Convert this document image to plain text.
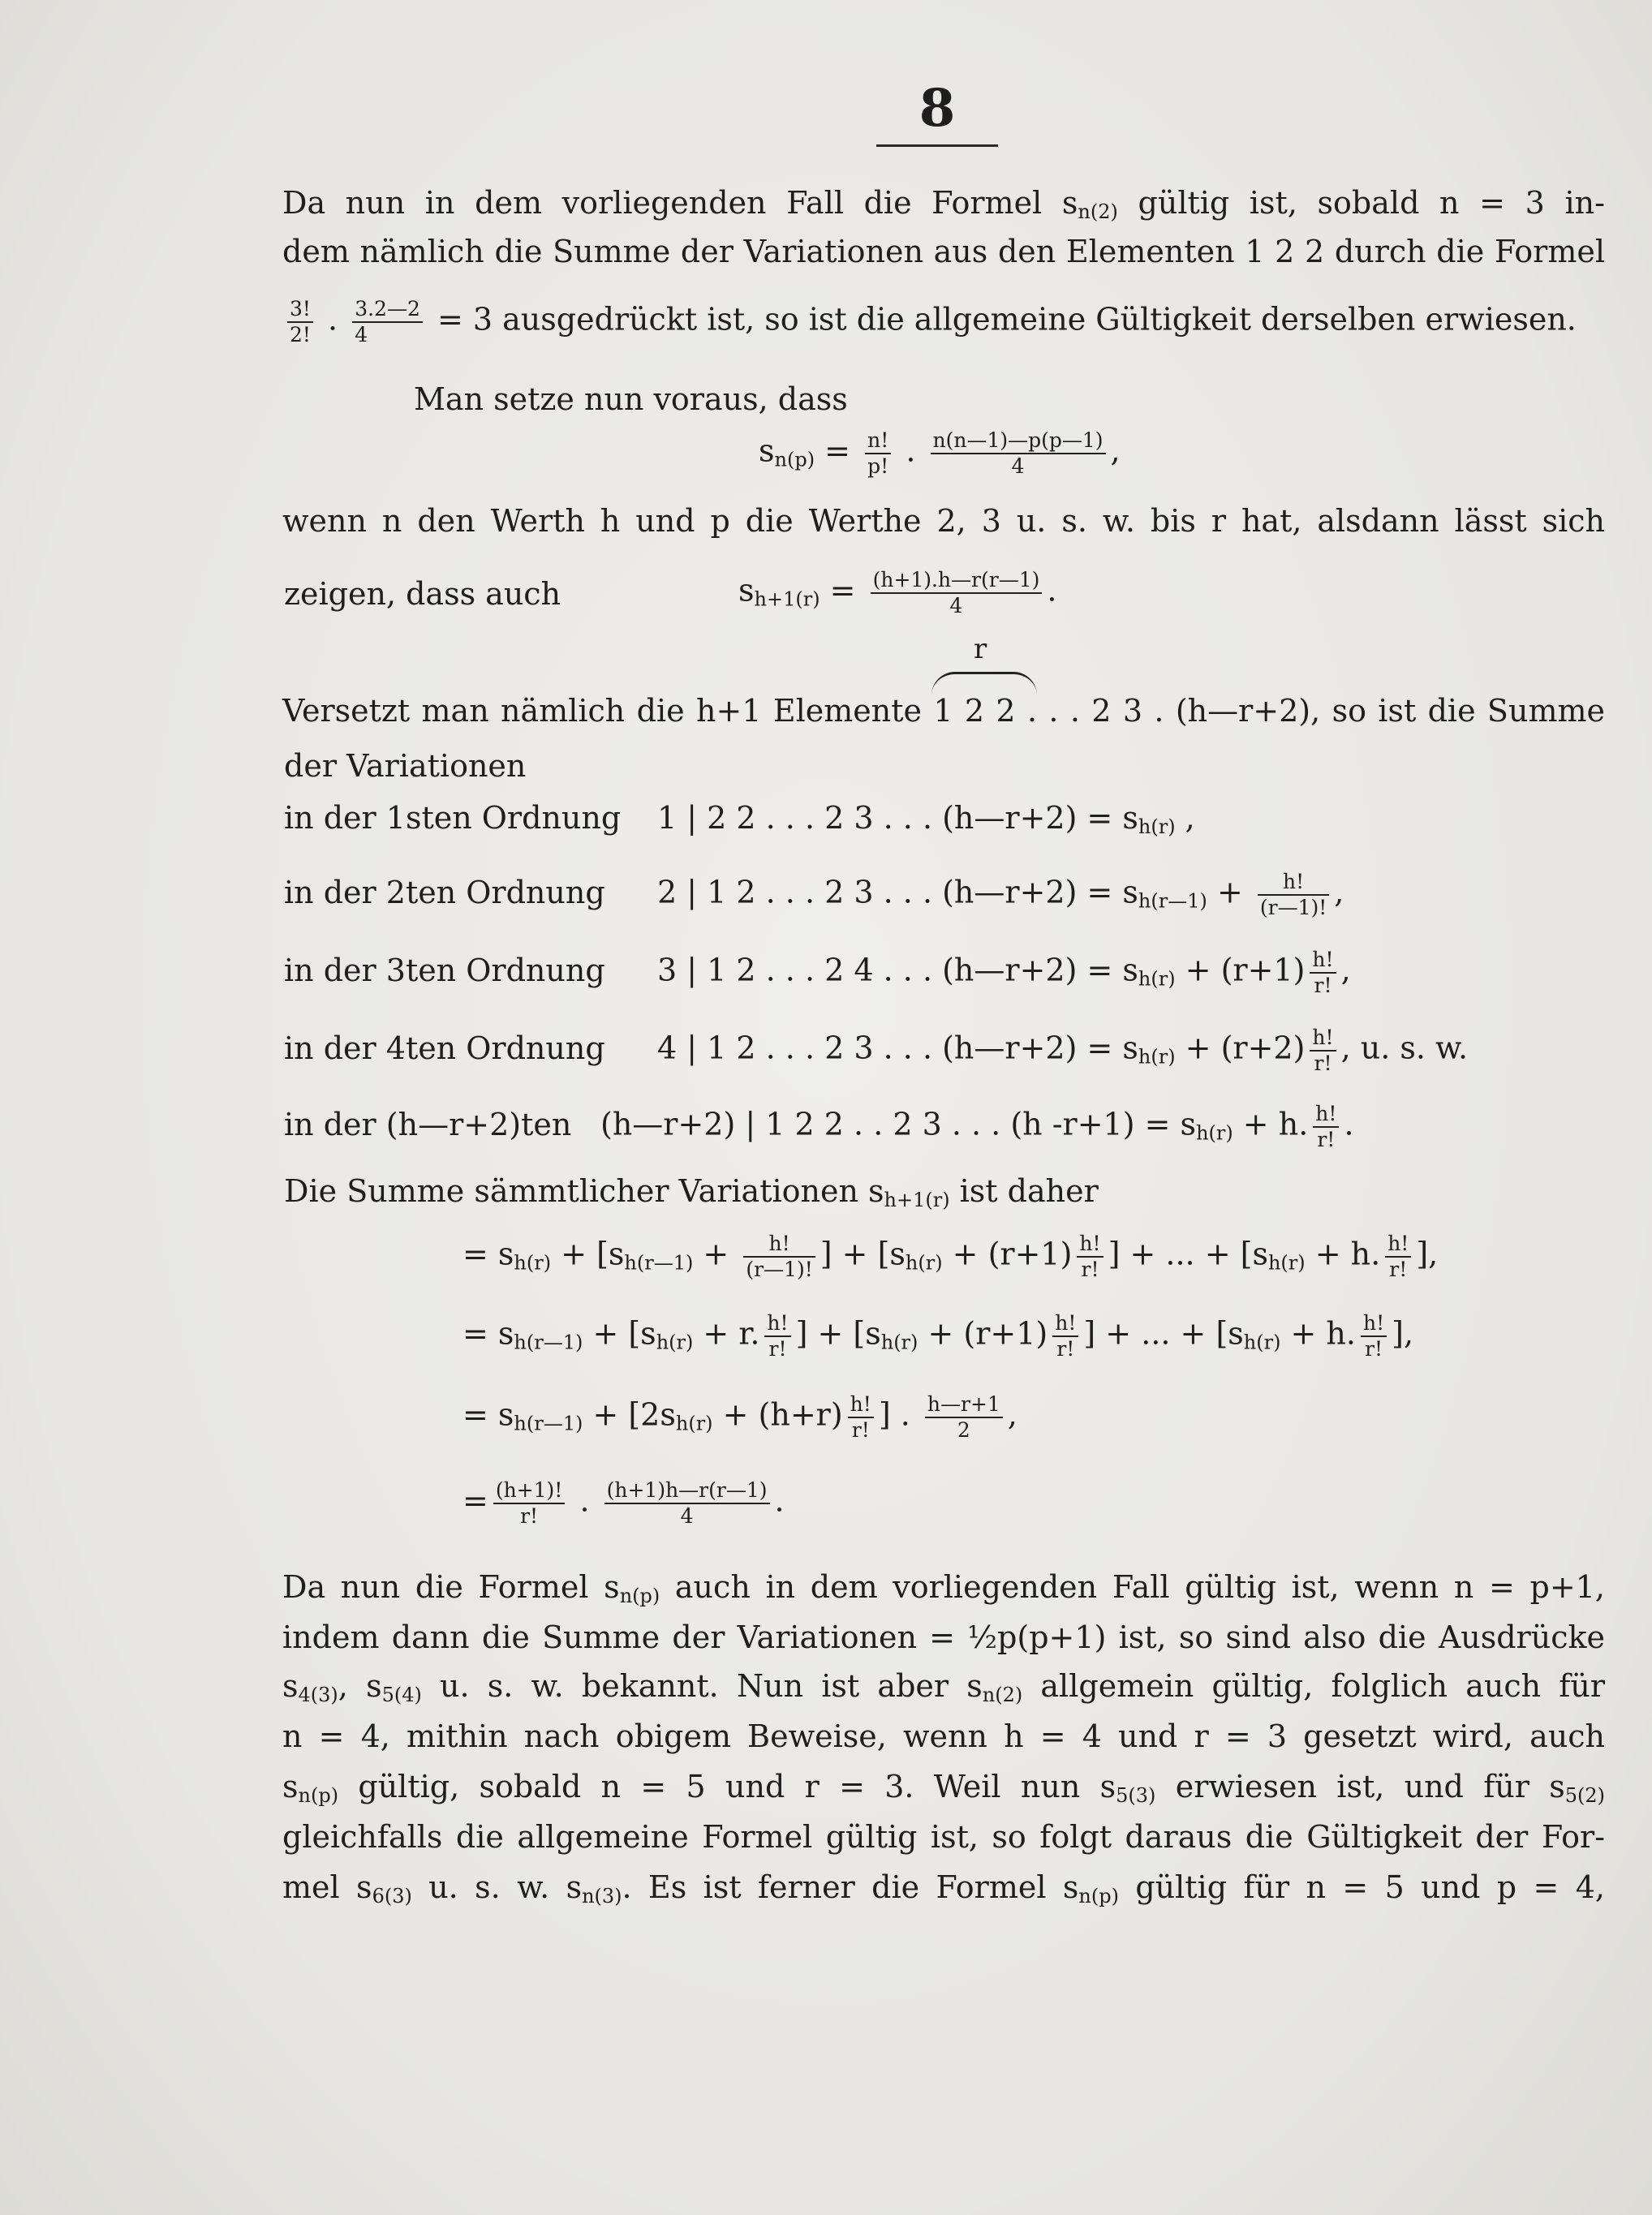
8
Da nun in dem vorliegenden Fall die Formel $s_{n(2)}$ gültig ist, sobald n = 3 in-
dem nämlich die Summe der Variationen aus den Elementen 1 2 2 durch die Formel
$\frac{3!}{2!}$ . $\frac{3.2—2}{4} = 3$ ausgedrückt ist, so ist die allgemeine Gültigkeit derselben erwiesen.
Man setze nun voraus, dass
$s_{n(p)} = \frac{n!}{p!}$ . $\frac{n(n—1)—p(p—1)}{4}$ ,
wenn n den Werth h und p die Werthe 2, 3 u. s. w. bis r hat, alsdann lässt sich
zeigen, dass auch	$s_{h+1(r)} = \frac{(h+1).h—r(r—1)}{4}$ .
r
Versetzt man nämlich die h+1 Elemente 1 2 2 . . . 2 3 . (h—r+2), so ist die Summe
der Variationen
in der 1sten Ordnung 1 | 2 2 . . . 2 3 . . . (h—r+2) = $s_{h(r)}$ ,
in der 2ten Ordnung 2 | 1 2 . . . 2 3 . . . (h—r+2) = $s_{h(r—1)} + \frac{h!}{(r—1)!}$ ,
in der 3ten Ordnung 3 | 1 2 . . . 2 4 . . . (h—r+2) = $s_{h(r)} + (r+1) \frac{h!}{r!}$ ,
in der 4ten Ordnung 4 | 1 2 . . . 2 3 . . . (h—r+2) = $s_{h(r)} + (r+2) \frac{h!}{r!}$ , u. s. w.
in der (h—r+2)ten (h—r+2) | 1 2 2 . . 2 3 . . . (h $-r+1) = s_{h(r)} + h$. $\frac{h!}{r!}$ .
Die Summe sämmtlicher Variationen $s_{h+1(r)}$ ist daher
= $s_{h(r)} + [s_{h(r—1)} + \frac{h!}{(r—1)!}$ ] + [$s_{h(r)} + (r+1) \frac{h!}{r!}$ ] + ... + [$s_{h(r)} + h$. $\frac{h!}{r!}$ ],
= $s_{h(r—1)} + [s_{h(r)} + r$. $\frac{h!}{r!}$ ] + [$s_{h(r)} + (r+1) \frac{h!}{r!}$ ] + ... + [$s_{h(r)} + h$. $\frac{h!}{r!}$ ],
= $s_{h(r—1)} + [2s_{h(r)} + (h+r) \frac{h!}{r!}$ ] . $\frac{h—r+1}{2}$ ,
= $\frac{(h+1)!}{r!}$ . $\frac{(h+1)h—r(r—1)}{4}$ .
Da nun die Formel $s_{n(p)}$ auch in dem vorliegenden Fall gültig ist, wenn n = p+1,
indem dann die Summe der Variationen = ½p(p+1) ist, so sind also die Ausdrücke
$s_{4(3)}$, $s_{5(4)}$ u. s. w. bekannt. Nun ist aber $s_{n(2)}$ allgemein gültig, folglich auch für
n = 4, mithin nach obigem Beweise, wenn h = 4 und r = 3 gesetzt wird, auch
$s_{n(p)}$ gültig, sobald n = 5 und r = 3. Weil nun $s_{5(3)}$ erwiesen ist, und für $s_{5(2)}$
gleichfalls die allgemeine Formel gültig ist, so folgt daraus die Gültigkeit der For-
mel $s_{6(3)}$ u. s. w. $s_{n(3)}$. Es ist ferner die Formel $s_{n(p)}$ gültig für n = 5 und p = 4,
